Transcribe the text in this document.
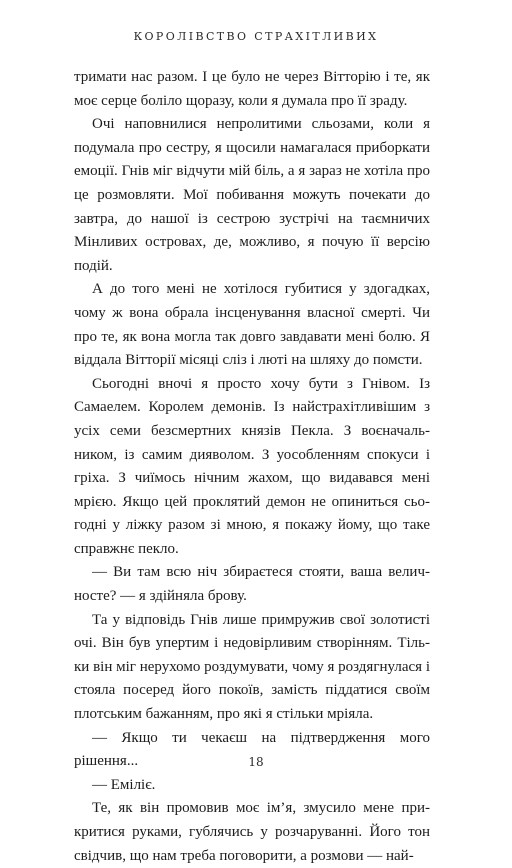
КОРОЛІВСТВО СТРАХІТЛИВИХ

тримати нас разом. І це було не через Вітторію і те, як моє серце боліло щоразу, коли я думала про її зраду.

Очі наповнилися непролитими сльозами, коли я подумала про сестру, я щосили намагалася приборкати емоції. Гнів міг відчути мій біль, а я зараз не хотіла про це розмовляти. Мої побивання можуть почекати до завтра, до нашої із сестрою зустрічі на таємничих Мінливих островах, де, можливо, я почую її версію подій.

А до того мені не хотілося губитися у здогадках, чому ж вона обрала інсценування власної смерті. Чи про те, як вона могла так довго завдавати мені болю. Я віддала Вітторії місяці сліз і люті на шляху до помсти.

Сьогодні вночі я просто хочу бути з Гнівом. Із Самаелем. Королем демонів. Із найстрахітливішим з усіх семи безсмертних князів Пекла. З воєначальником, із самим дияволом. З уособленням спокуси і гріха. З чиїмось нічним жахом, що видавався мені мрією. Якщо цей проклятий демон не опиниться сьогодні у ліжку разом зі мною, я покажу йому, що таке справжнє пекло.

— Ви там всю ніч збираєтеся стояти, ваша величносте? — я здійняла брову.

Та у відповідь Гнів лише примружив свої золотисті очі. Він був упертим і недовірливим створінням. Тільки він міг нерухомо роздумувати, чому я роздягнулася і стояла посеред його покоїв, замість піддатися своїм плотським бажанням, про які я стільки мріяла.

— Якщо ти чекаєш на підтвердження мого рішення...

— Еміліє.

Те, як він промовив моє ім’я, змусило мене прикритися руками, гублячись у розчаруванні. Його тон свідчив, що нам треба поговорити, а розмови — най-

18
